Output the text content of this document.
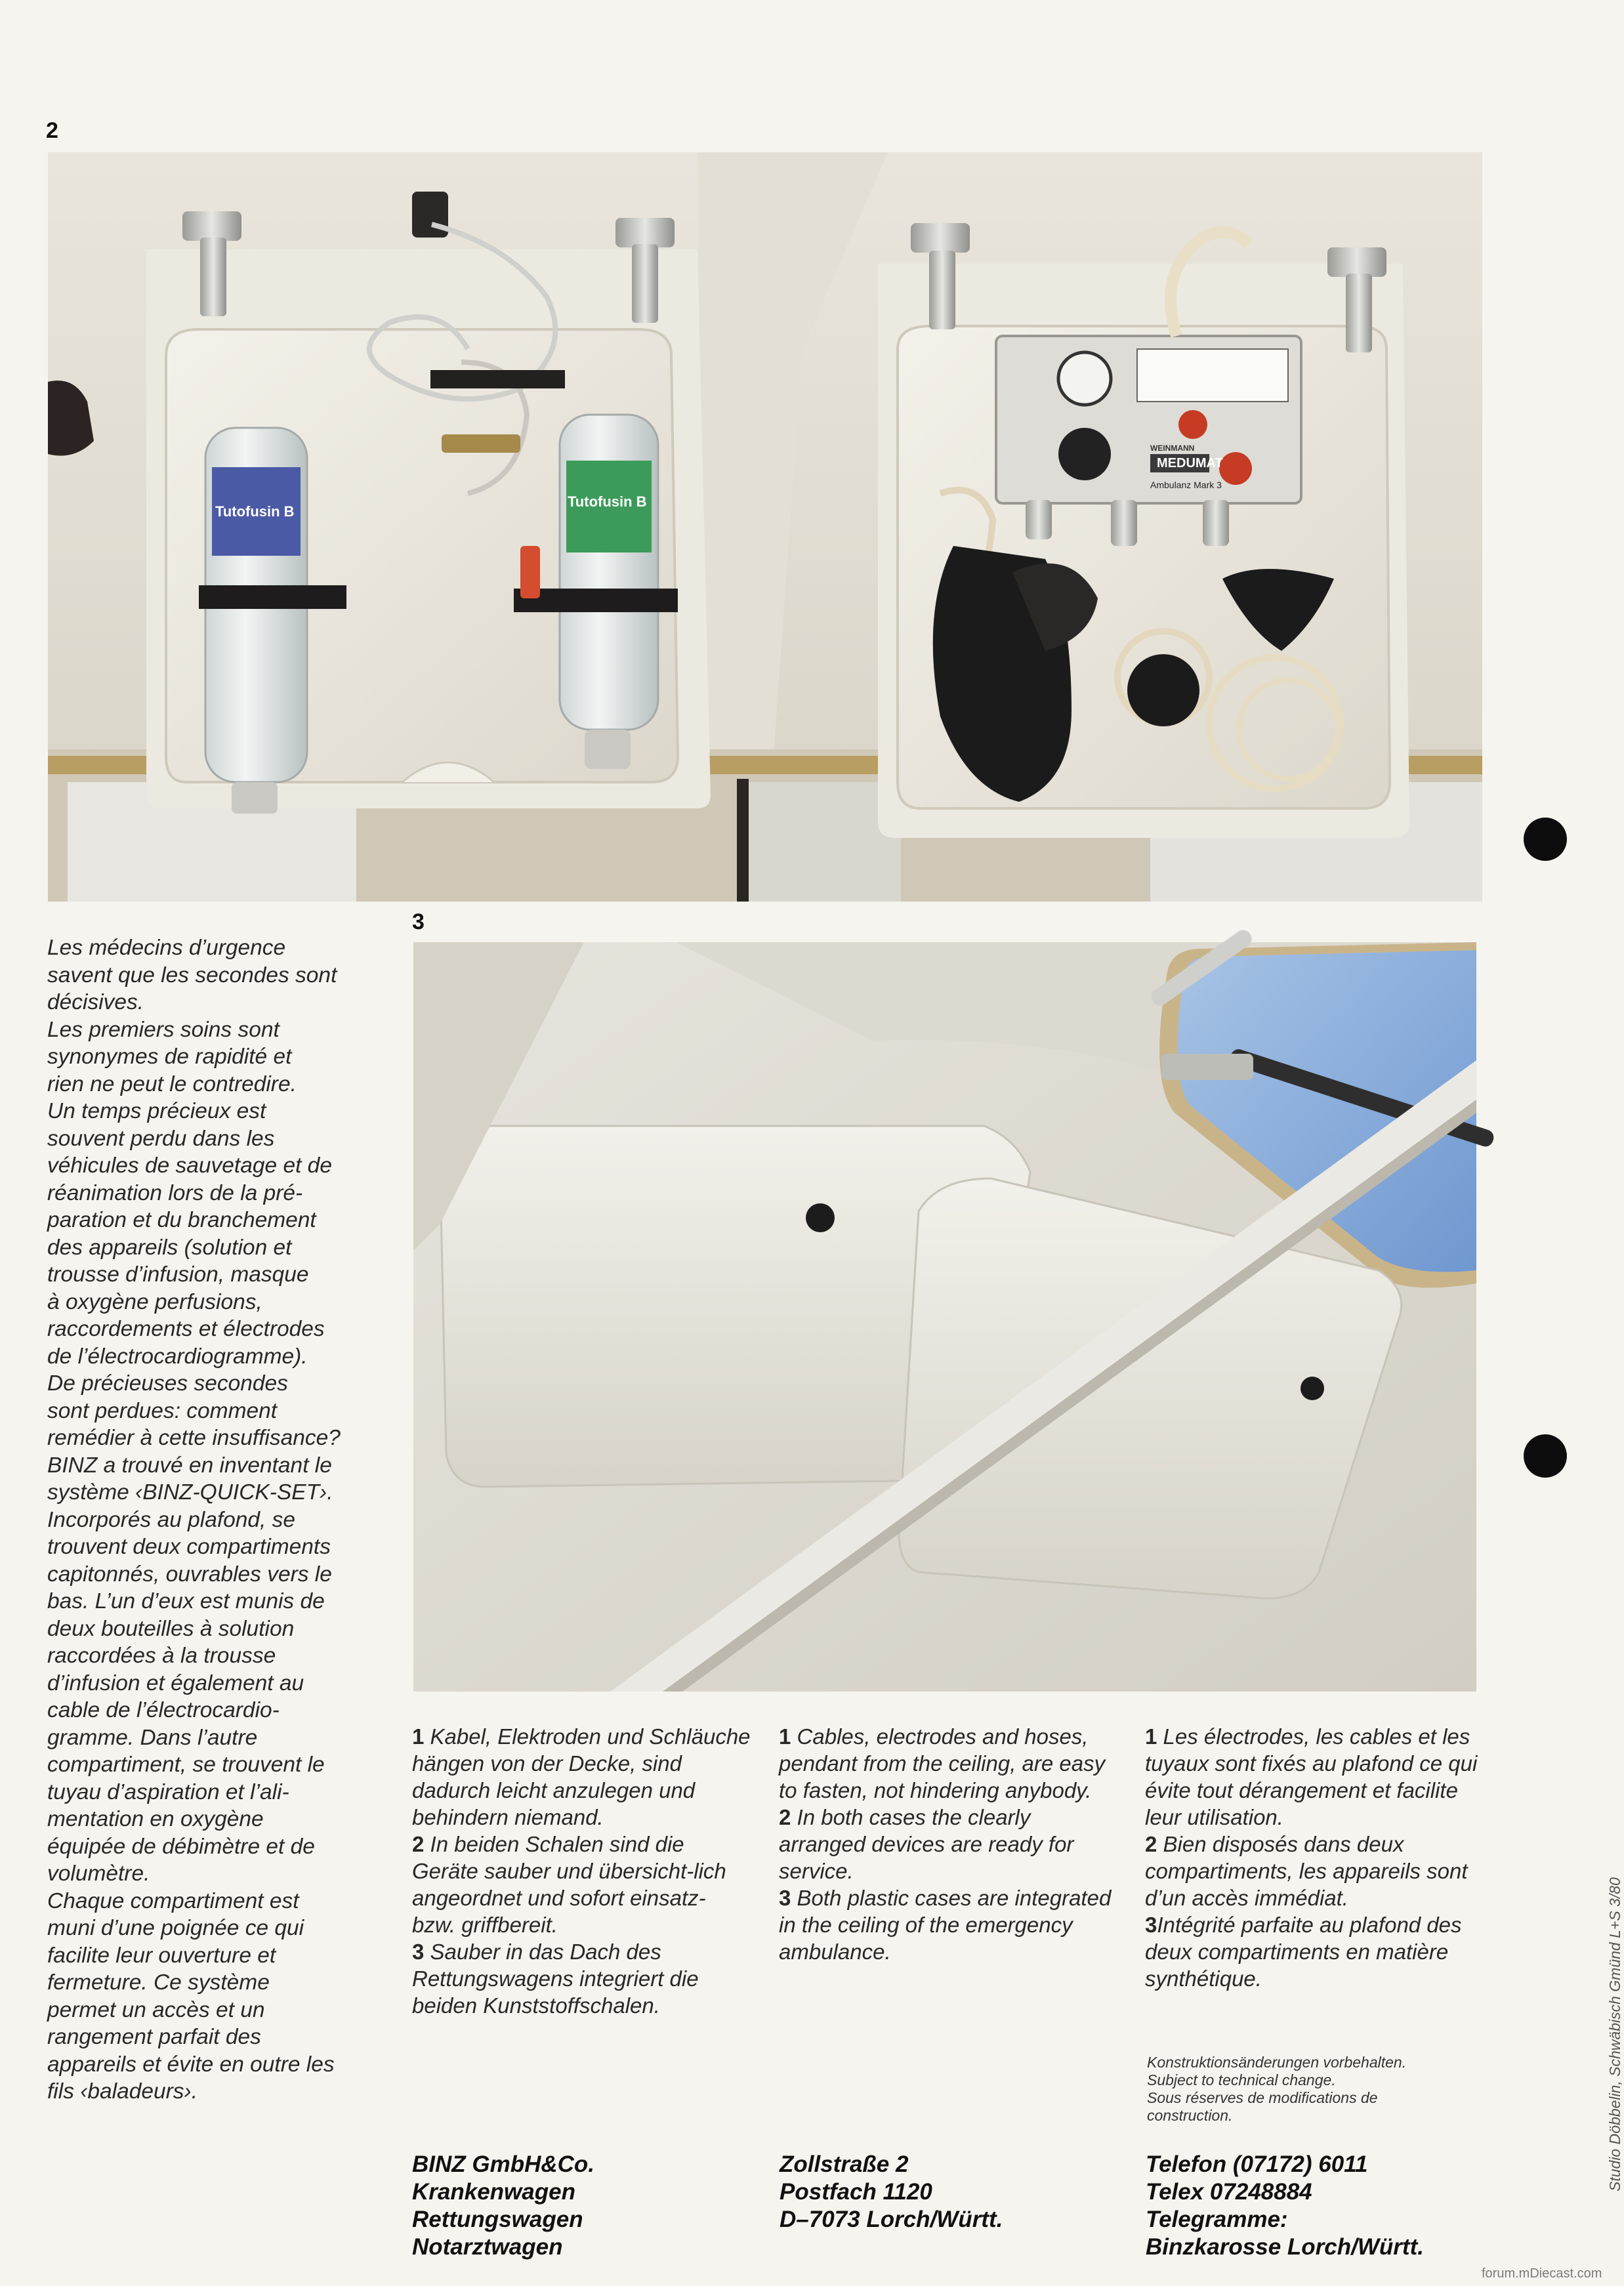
2
MEDUMAT
Ambulanz Mark 3
WEINMANN
Tutofusin B
Tutofusin B
3

Les médecins d’urgence
savent que les secondes sont
décisives.
Les premiers soins sont
synonymes de rapidité et
rien ne peut le contredire.
Un temps précieux est
souvent perdu dans les
véhicules de sauvetage et de
réanimation lors de la pré-
paration et du branchement
des appareils (solution et
trousse d’infusion, masque
à oxygène perfusions,
raccordements et électrodes
de l’électrocardiogramme).
De précieuses secondes
sont perdues: comment
remédier à cette insuffisance?
BINZ a trouvé en inventant le
système ‹BINZ-QUICK-SET›.
Incorporés au plafond, se
trouvent deux compartiments
capitonnés, ouvrables vers le
bas. L’un d’eux est munis de
deux bouteilles à solution
raccordées à la trousse
d’infusion et également au
cable de l’électrocardio-
gramme. Dans l’autre
compartiment, se trouvent le
tuyau d’aspiration et l’ali-
mentation en oxygène
équipée de débimètre et de
volumètre.
Chaque compartiment est
muni d’une poignée ce qui
facilite leur ouverture et
fermeture. Ce système
permet un accès et un
rangement parfait des
appareils et évite en outre les
fils ‹baladeurs›.

1 Kabel, Elektroden und Schläuche hängen von der Decke, sind dadurch leicht anzulegen und behindern niemand.

2 In beiden Schalen sind die Geräte sauber und übersicht-lich angeordnet und sofort einsatz- bzw. griffbereit.

3 Sauber in das Dach des Rettungswagens integriert die beiden Kunststoffschalen.

1 Cables, electrodes and hoses, pendant from the ceiling, are easy to fasten, not hindering anybody.

2 In both cases the clearly arranged devices are ready for service.

3 Both plastic cases are integrated in the ceiling of the emergency ambulance.

1 Les électrodes, les cables et les tuyaux sont fixés au plafond ce qui évite tout dérangement et facilite leur utilisation.

2 Bien disposés dans deux compartiments, les appareils sont d’un accès immédiat.

3Intégrité parfaite au plafond des deux compartiments en matière synthétique.

Konstruktionsänderungen vorbehalten.
Subject to technical change.
Sous réserves de modifications de
construction.
BINZ GmbH&Co.
Krankenwagen
Rettungswagen
Notarztwagen
Zollstraße 2
Postfach 1120
D–7073 Lorch/Württ.
Telefon (07172) 6011
Telex 07248884
Telegramme:
Binzkarosse Lorch/Württ.
Studio Döbbelin, Schwäbisch Gmünd L+S 3/80
forum.mDiecast.com
